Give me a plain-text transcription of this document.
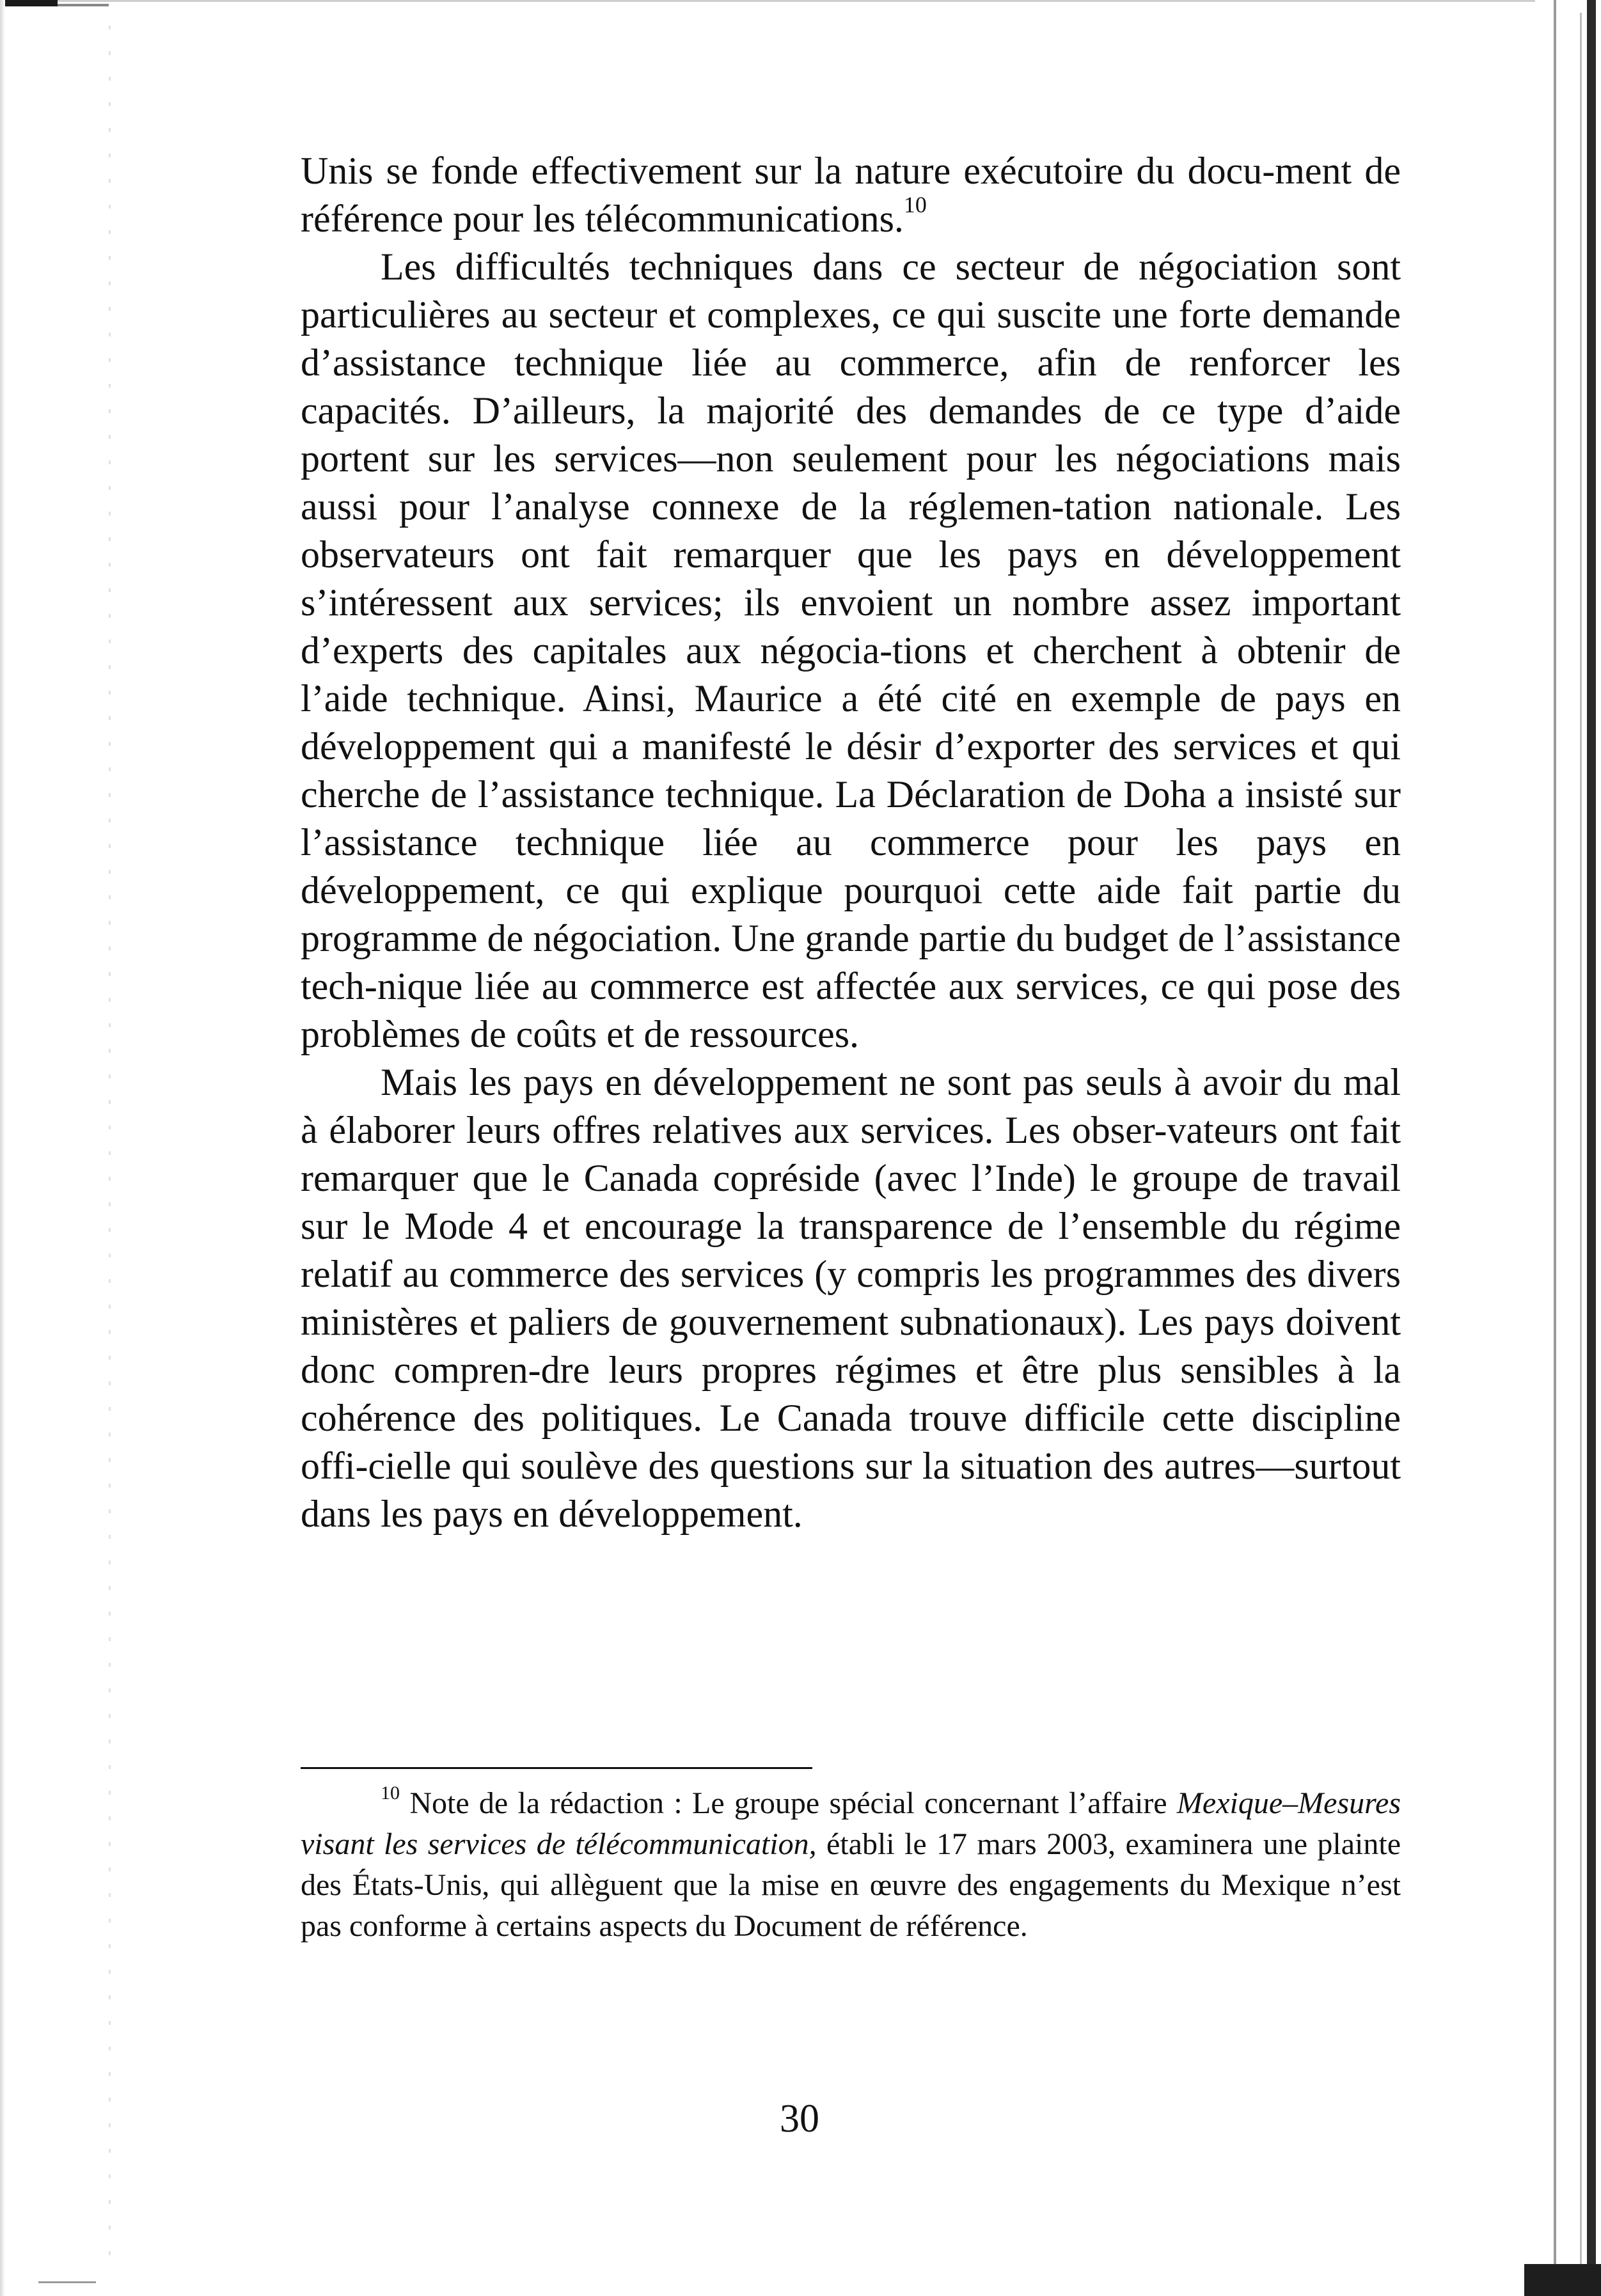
Unis se fonde effectivement sur la nature exécutoire du docu-ment de référence pour les télécommunications.$^{10}$

Les difficultés techniques dans ce secteur de négociation sont particulières au secteur et complexes, ce qui suscite une forte demande d’assistance technique liée au commerce, afin de renforcer les capacités. D’ailleurs, la majorité des demandes de ce type d’aide portent sur les services—non seulement pour les négociations mais aussi pour l’analyse connexe de la réglemen-tation nationale. Les observateurs ont fait remarquer que les pays en développement s’intéressent aux services; ils envoient un nombre assez important d’experts des capitales aux négocia-tions et cherchent à obtenir de l’aide technique. Ainsi, Maurice a été cité en exemple de pays en développement qui a manifesté le désir d’exporter des services et qui cherche de l’assistance technique. La Déclaration de Doha a insisté sur l’assistance technique liée au commerce pour les pays en développement, ce qui explique pourquoi cette aide fait partie du programme de négociation. Une grande partie du budget de l’assistance tech-nique liée au commerce est affectée aux services, ce qui pose des problèmes de coûts et de ressources.

Mais les pays en développement ne sont pas seuls à avoir du mal à élaborer leurs offres relatives aux services. Les obser-vateurs ont fait remarquer que le Canada copréside (avec l’Inde) le groupe de travail sur le Mode 4 et encourage la transparence de l’ensemble du régime relatif au commerce des services (y compris les programmes des divers ministères et paliers de gouvernement subnationaux). Les pays doivent donc compren-dre leurs propres régimes et être plus sensibles à la cohérence des politiques. Le Canada trouve difficile cette discipline offi-cielle qui soulève des questions sur la situation des autres—surtout dans les pays en développement.

$^{10}$ Note de la rédaction : Le groupe spécial concernant l’affaire Mexique–Mesures visant les services de télécommunication, établi le 17 mars 2003, examinera une plainte des États-Unis, qui allèguent que la mise en œuvre des engagements du Mexique n’est pas conforme à certains aspects du Document de référence.

30
